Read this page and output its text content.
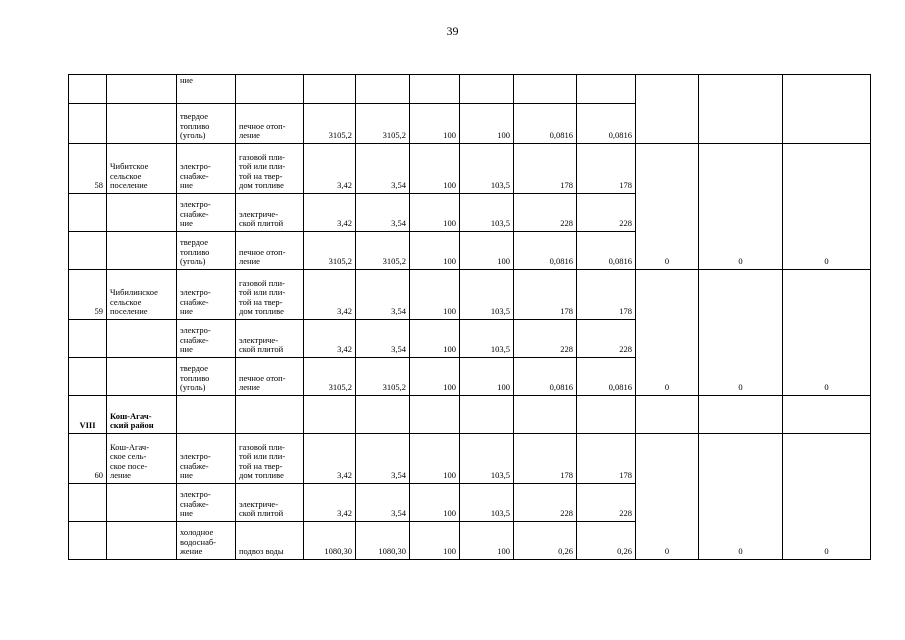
39
		ние										
		твердое
топливо
(уголь)	печное отоп-
ление	3105,2	3105,2	100	100	0,0816	0,0816			
58	Чибитское
сельское
поселение	электро-
снабже-
ние	газовой пли-
той или пли-
той на твер-
дом топливе	3,42	3,54	100	103,5	178	178	0	0	0
		электро-
снабже-
ние	электриче-
ской плитой	3,42	3,54	100	103,5	228	228			
		твердое
топливо
(уголь)	печное отоп-
ление	3105,2	3105,2	100	100	0,0816	0,0816			
59	Чибилинское
сельское
поселение	электро-
снабже-
ние	газовой пли-
той или пли-
той на твер-
дом топливе	3,42	3,54	100	103,5	178	178	0	0	0
		электро-
снабже-
ние	электриче-
ской плитой	3,42	3,54	100	103,5	228	228			
		твердое
топливо
(уголь)	печное отоп-
ление	3105,2	3105,2	100	100	0,0816	0,0816			
VIII	Кош-Агач-
ский район											
60	Кош-Агач-
ское сель-
ское посе-
ление	электро-
снабже-
ние	газовой пли-
той или пли-
той на твер-
дом топливе	3,42	3,54	100	103,5	178	178	0	0	0
		электро-
снабже-
ние	электриче-
ской плитой	3,42	3,54	100	103,5	228	228			
		холодное
водоснаб-
жение	подвоз воды	1080,30	1080,30	100	100	0,26	0,26			
